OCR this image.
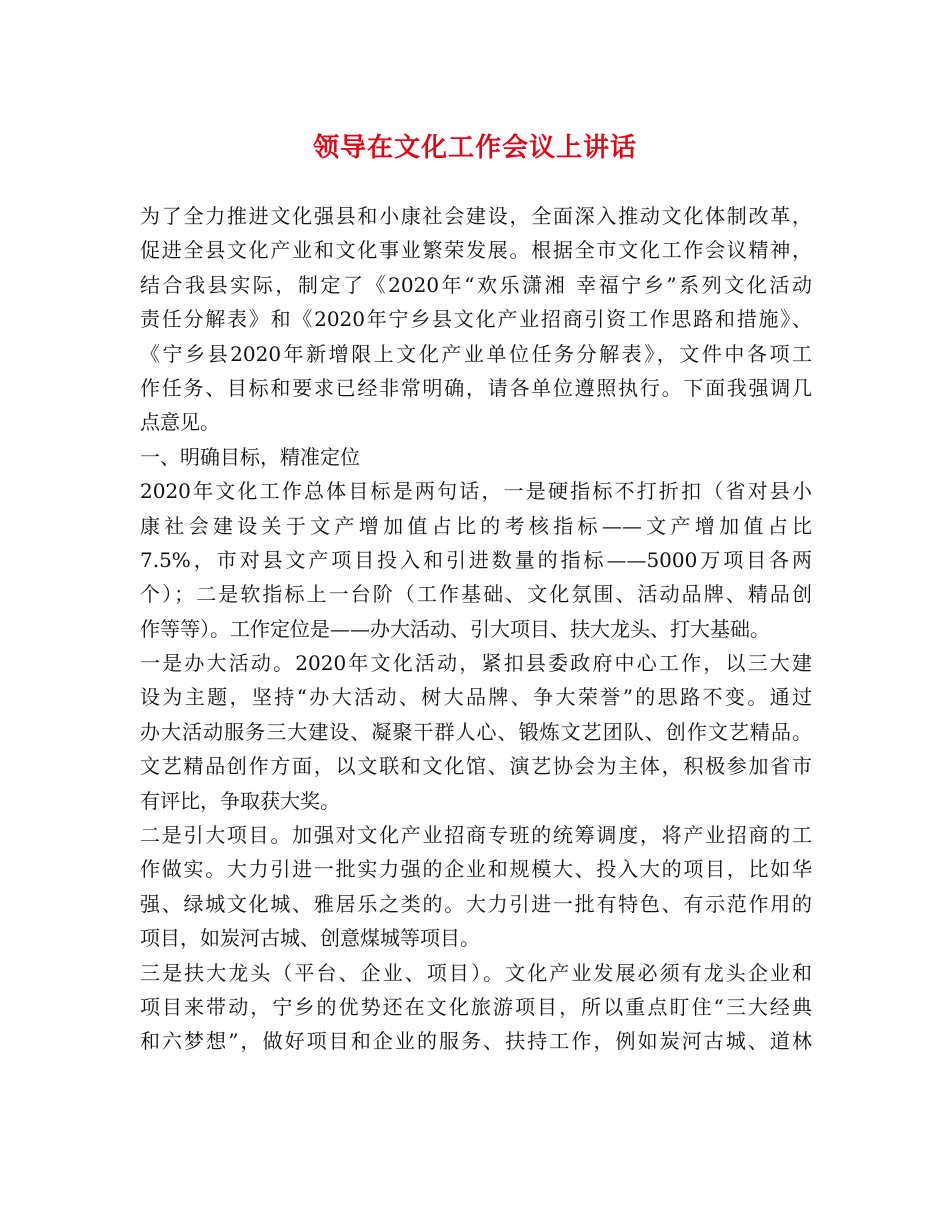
领导在文化工作会议上讲话
为了全力推进文化强县和小康社会建设，全面深入推动文化体制改革，
促进全县文化产业和文化事业繁荣发展。根据全市文化工作会议精神，
结合我县实际，制定了《2020年“欢乐潇湘 幸福宁乡”系列文化活动
责任分解表》和《2020年宁乡县文化产业招商引资工作思路和措施》、
《宁乡县2020年新增限上文化产业单位任务分解表》，文件中各项工
作任务、目标和要求已经非常明确，请各单位遵照执行。下面我强调几
点意见。
一、明确目标，精准定位
2020年文化工作总体目标是两句话，一是硬指标不打折扣（省对县小
康社会建设关于文产增加值占比的考核指标——文产增加值占比
7.5%，市对县文产项目投入和引进数量的指标——5000万项目各两
个）；二是软指标上一台阶（工作基础、文化氛围、活动品牌、精品创
作等等）。工作定位是——办大活动、引大项目、扶大龙头、打大基础。
一是办大活动。2020年文化活动，紧扣县委政府中心工作，以三大建
设为主题，坚持“办大活动、树大品牌、争大荣誉”的思路不变。通过
办大活动服务三大建设、凝聚干群人心、锻炼文艺团队、创作文艺精品。
文艺精品创作方面，以文联和文化馆、演艺协会为主体，积极参加省市
有评比，争取获大奖。
二是引大项目。加强对文化产业招商专班的统筹调度，将产业招商的工
作做实。大力引进一批实力强的企业和规模大、投入大的项目，比如华
强、绿城文化城、雅居乐之类的。大力引进一批有特色、有示范作用的
项目，如炭河古城、创意煤城等项目。
三是扶大龙头（平台、企业、项目）。文化产业发展必须有龙头企业和
项目来带动，宁乡的优势还在文化旅游项目，所以重点盯住“三大经典
和六梦想”，做好项目和企业的服务、扶持工作，例如炭河古城、道林
